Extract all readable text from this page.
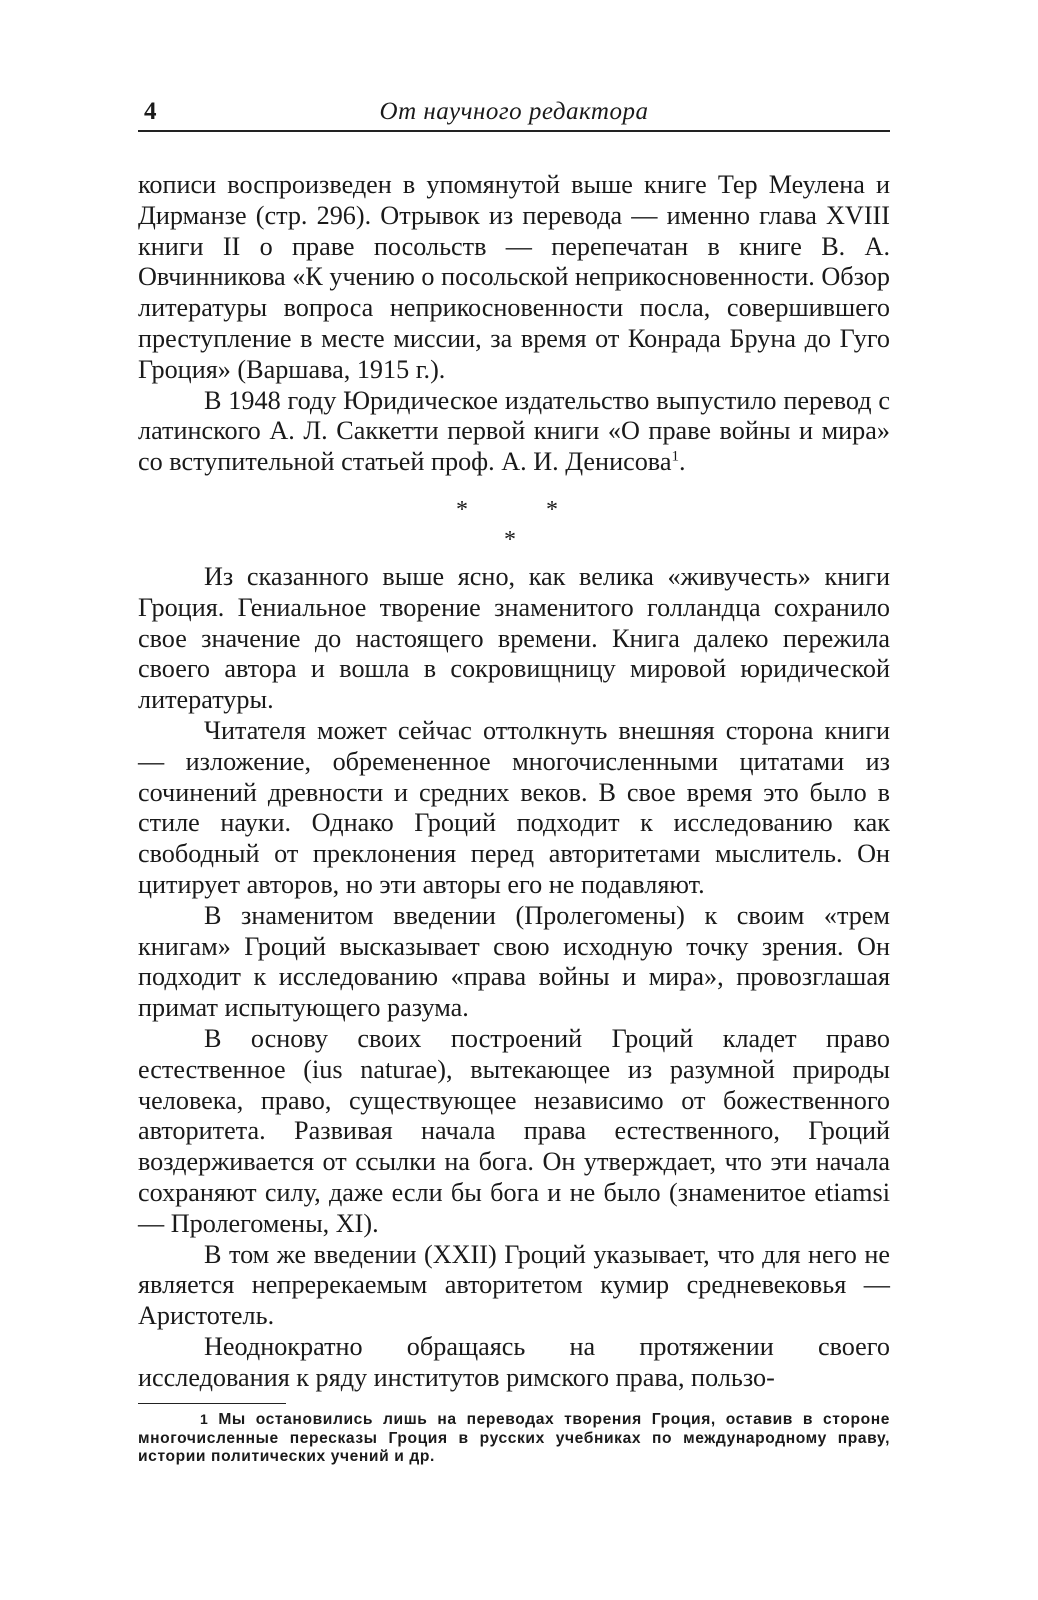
4	От научного редактора

кописи воспроизведен в упомянутой выше книге Тер Меулена и Дирманзе (стр. 296). Отрывок из перевода — именно глава XVIII книги II о праве посольств — перепечатан в книге В. А. Овчинникова «К учению о посольской неприкосновенности. Обзор литературы вопроса неприкосновенности посла, совершившего преступление в месте миссии, за время от Конрада Бруна до Гуго Гроция» (Варшава, 1915 г.).

В 1948 году Юридическое издательство выпустило перевод с латинского А. Л. Саккетти первой книги «О праве войны и мира» со вступительной статьей проф. А. И. Денисова$^1$.

*	*
*

Из сказанного выше ясно, как велика «живучесть» книги Гроция. Гениальное творение знаменитого голландца сохранило свое значение до настоящего времени. Книга далеко пережила своего автора и вошла в сокровищницу мировой юридической литературы.

Читателя может сейчас оттолкнуть внешняя сторона книги — изложение, обремененное многочисленными цитатами из сочинений древности и средних веков. В свое время это было в стиле науки. Однако Гроций подходит к исследованию как свободный от преклонения перед авторитетами мыслитель. Он цитирует авторов, но эти авторы его не подавляют.

В знаменитом введении (Пролегомены) к своим «трем книгам» Гроций высказывает свою исходную точку зрения. Он подходит к исследованию «права войны и мира», провозглашая примат испытующего разума.

В основу своих построений Гроций кладет право естественное (ius naturae), вытекающее из разумной природы человека, право, существующее независимо от божественного авторитета. Развивая начала права естественного, Гроций воздерживается от ссылки на бога. Он утверждает, что эти начала сохраняют силу, даже если бы бога и не было (знаменитое etiamsi — Пролегомены, XI).

В том же введении (XXII) Гроций указывает, что для него не является непререкаемым авторитетом кумир средневековья — Аристотель.

Неоднократно обращаясь на протяжении своего исследования к ряду институтов римского права, пользо-

1 Мы остановились лишь на переводах творения Гроция, оставив в стороне многочисленные пересказы Гроция в русских учебниках по международному праву, истории политических учений и др.
